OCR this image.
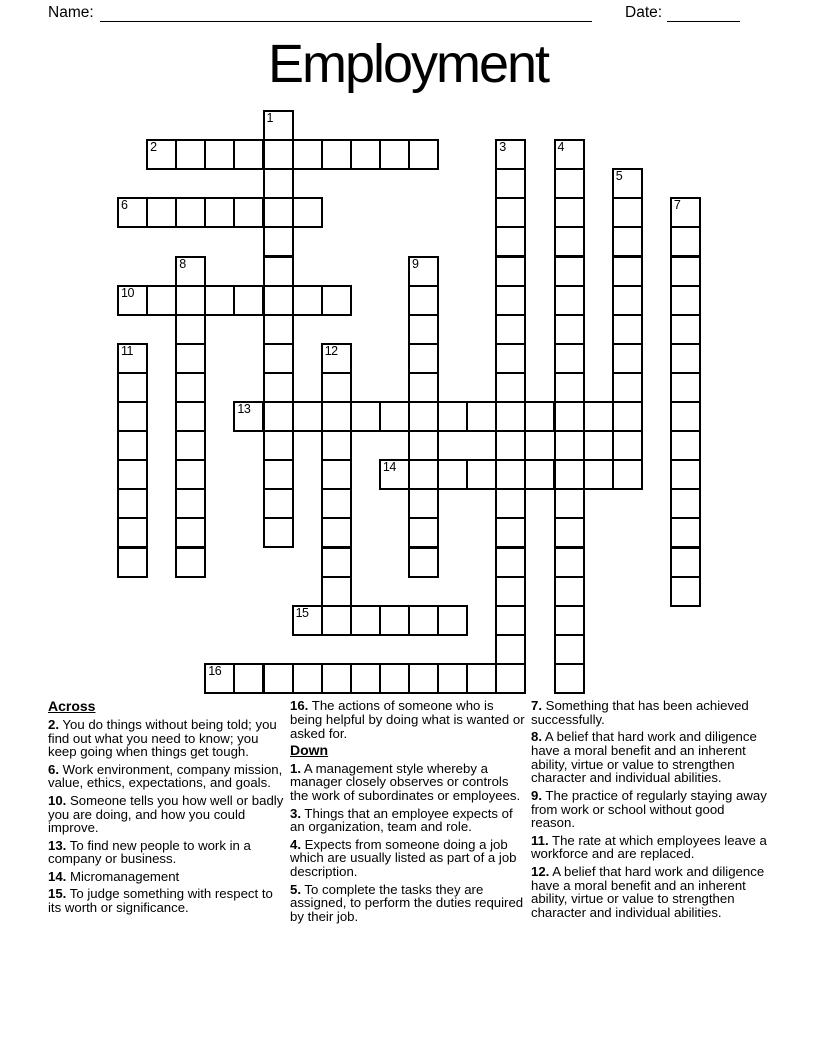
Name:	Date:
Employment
1
2	3	4
5
6	7
8	9
10
11	12
13
14
15
16
Across
2. You do things without being told; you find out what you need to know; you keep going when things get tough.
6. Work environment, company mission, value, ethics, expectations, and goals.
10. Someone tells you how well or badly you are doing, and how you could improve.
13. To find new people to work in a company or business.
14. Micromanagement
15. To judge something with respect to its worth or significance.
16. The actions of someone who is being helpful by doing what is wanted or asked for.
Down
1. A management style whereby a manager closely observes or controls the work of subordinates or employees.
3. Things that an employee expects of an organization, team and role.
4. Expects from someone doing a job which are usually listed as part of a job description.
5. To complete the tasks they are assigned, to perform the duties required by their job.
7. Something that has been achieved successfully.
8. A belief that hard work and diligence have a moral benefit and an inherent ability, virtue or value to strengthen character and individual abilities.
9. The practice of regularly staying away from work or school without good reason.
11. The rate at which employees leave a workforce and are replaced.
12. A belief that hard work and diligence have a moral benefit and an inherent ability, virtue or value to strengthen character and individual abilities.
